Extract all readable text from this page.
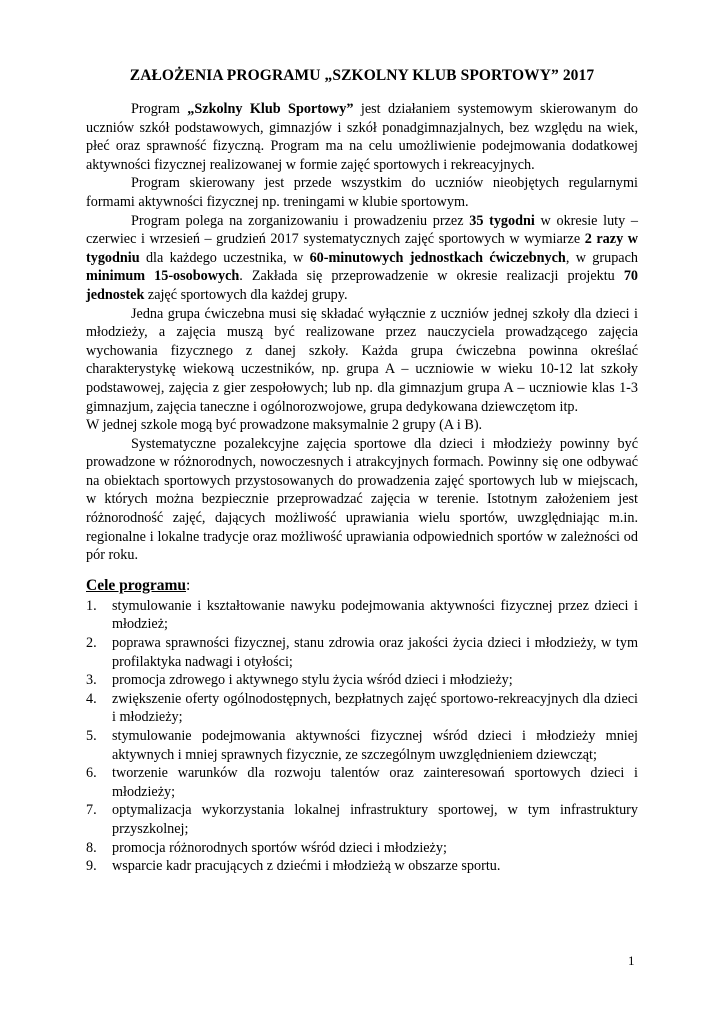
ZAŁOŻENIA PROGRAMU „SZKOLNY KLUB SPORTOWY” 2017

Program „Szkolny Klub Sportowy” jest działaniem systemowym skierowanym do uczniów szkół podstawowych, gimnazjów i szkół ponadgimnazjalnych, bez względu na wiek, płeć oraz sprawność fizyczną. Program ma na celu umożliwienie podejmowania dodatkowej aktywności fizycznej realizowanej w formie zajęć sportowych i rekreacyjnych.

Program skierowany jest przede wszystkim do uczniów nieobjętych regularnymi formami aktywności fizycznej np. treningami w klubie sportowym.

Program polega na zorganizowaniu i prowadzeniu przez 35 tygodni w okresie luty – czerwiec i wrzesień – grudzień 2017 systematycznych zajęć sportowych w wymiarze 2 razy w tygodniu dla każdego uczestnika, w 60-minutowych jednostkach ćwiczebnych, w grupach minimum 15-osobowych. Zakłada się przeprowadzenie w okresie realizacji projektu 70 jednostek zajęć sportowych dla każdej grupy.

Jedna grupa ćwiczebna musi się składać wyłącznie z uczniów jednej szkoły dla dzieci i młodzieży, a zajęcia muszą być realizowane przez nauczyciela prowadzącego zajęcia wychowania fizycznego z danej szkoły. Każda grupa ćwiczebna powinna określać charakterystykę wiekową uczestników, np. grupa A – uczniowie w wieku 10-12 lat szkoły podstawowej, zajęcia z gier zespołowych; lub np. dla gimnazjum grupa A – uczniowie klas 1-3 gimnazjum, zajęcia taneczne i ogólnorozwojowe, grupa dedykowana dziewczętom itp.

W jednej szkole mogą być prowadzone maksymalnie 2 grupy (A i B).

Systematyczne pozalekcyjne zajęcia sportowe dla dzieci i młodzieży powinny być prowadzone w różnorodnych, nowoczesnych i atrakcyjnych formach. Powinny się one odbywać na obiektach sportowych przystosowanych do prowadzenia zajęć sportowych lub w miejscach, w których można bezpiecznie przeprowadzać zajęcia w terenie. Istotnym założeniem jest różnorodność zajęć, dających możliwość uprawiania wielu sportów, uwzględniając m.in. regionalne i lokalne tradycje oraz możliwość uprawiania odpowiednich sportów w zależności od pór roku.

Cele programu:
1. stymulowanie i kształtowanie nawyku podejmowania aktywności fizycznej przez dzieci i młodzież;
2. poprawa sprawności fizycznej, stanu zdrowia oraz jakości życia dzieci i młodzieży, w tym profilaktyka nadwagi i otyłości;
3. promocja zdrowego i aktywnego stylu życia wśród dzieci i młodzieży;
4. zwiększenie oferty ogólnodostępnych, bezpłatnych zajęć sportowo-rekreacyjnych dla dzieci i młodzieży;
5. stymulowanie podejmowania aktywności fizycznej wśród dzieci i młodzieży mniej aktywnych i mniej sprawnych fizycznie, ze szczególnym uwzględnieniem dziewcząt;
6. tworzenie warunków dla rozwoju talentów oraz zainteresowań sportowych dzieci i młodzieży;
7. optymalizacja wykorzystania lokalnej infrastruktury sportowej, w tym infrastruktury przyszkolnej;
8. promocja różnorodnych sportów wśród dzieci i młodzieży;
9. wsparcie kadr pracujących z dziećmi i młodzieżą w obszarze sportu.
1
